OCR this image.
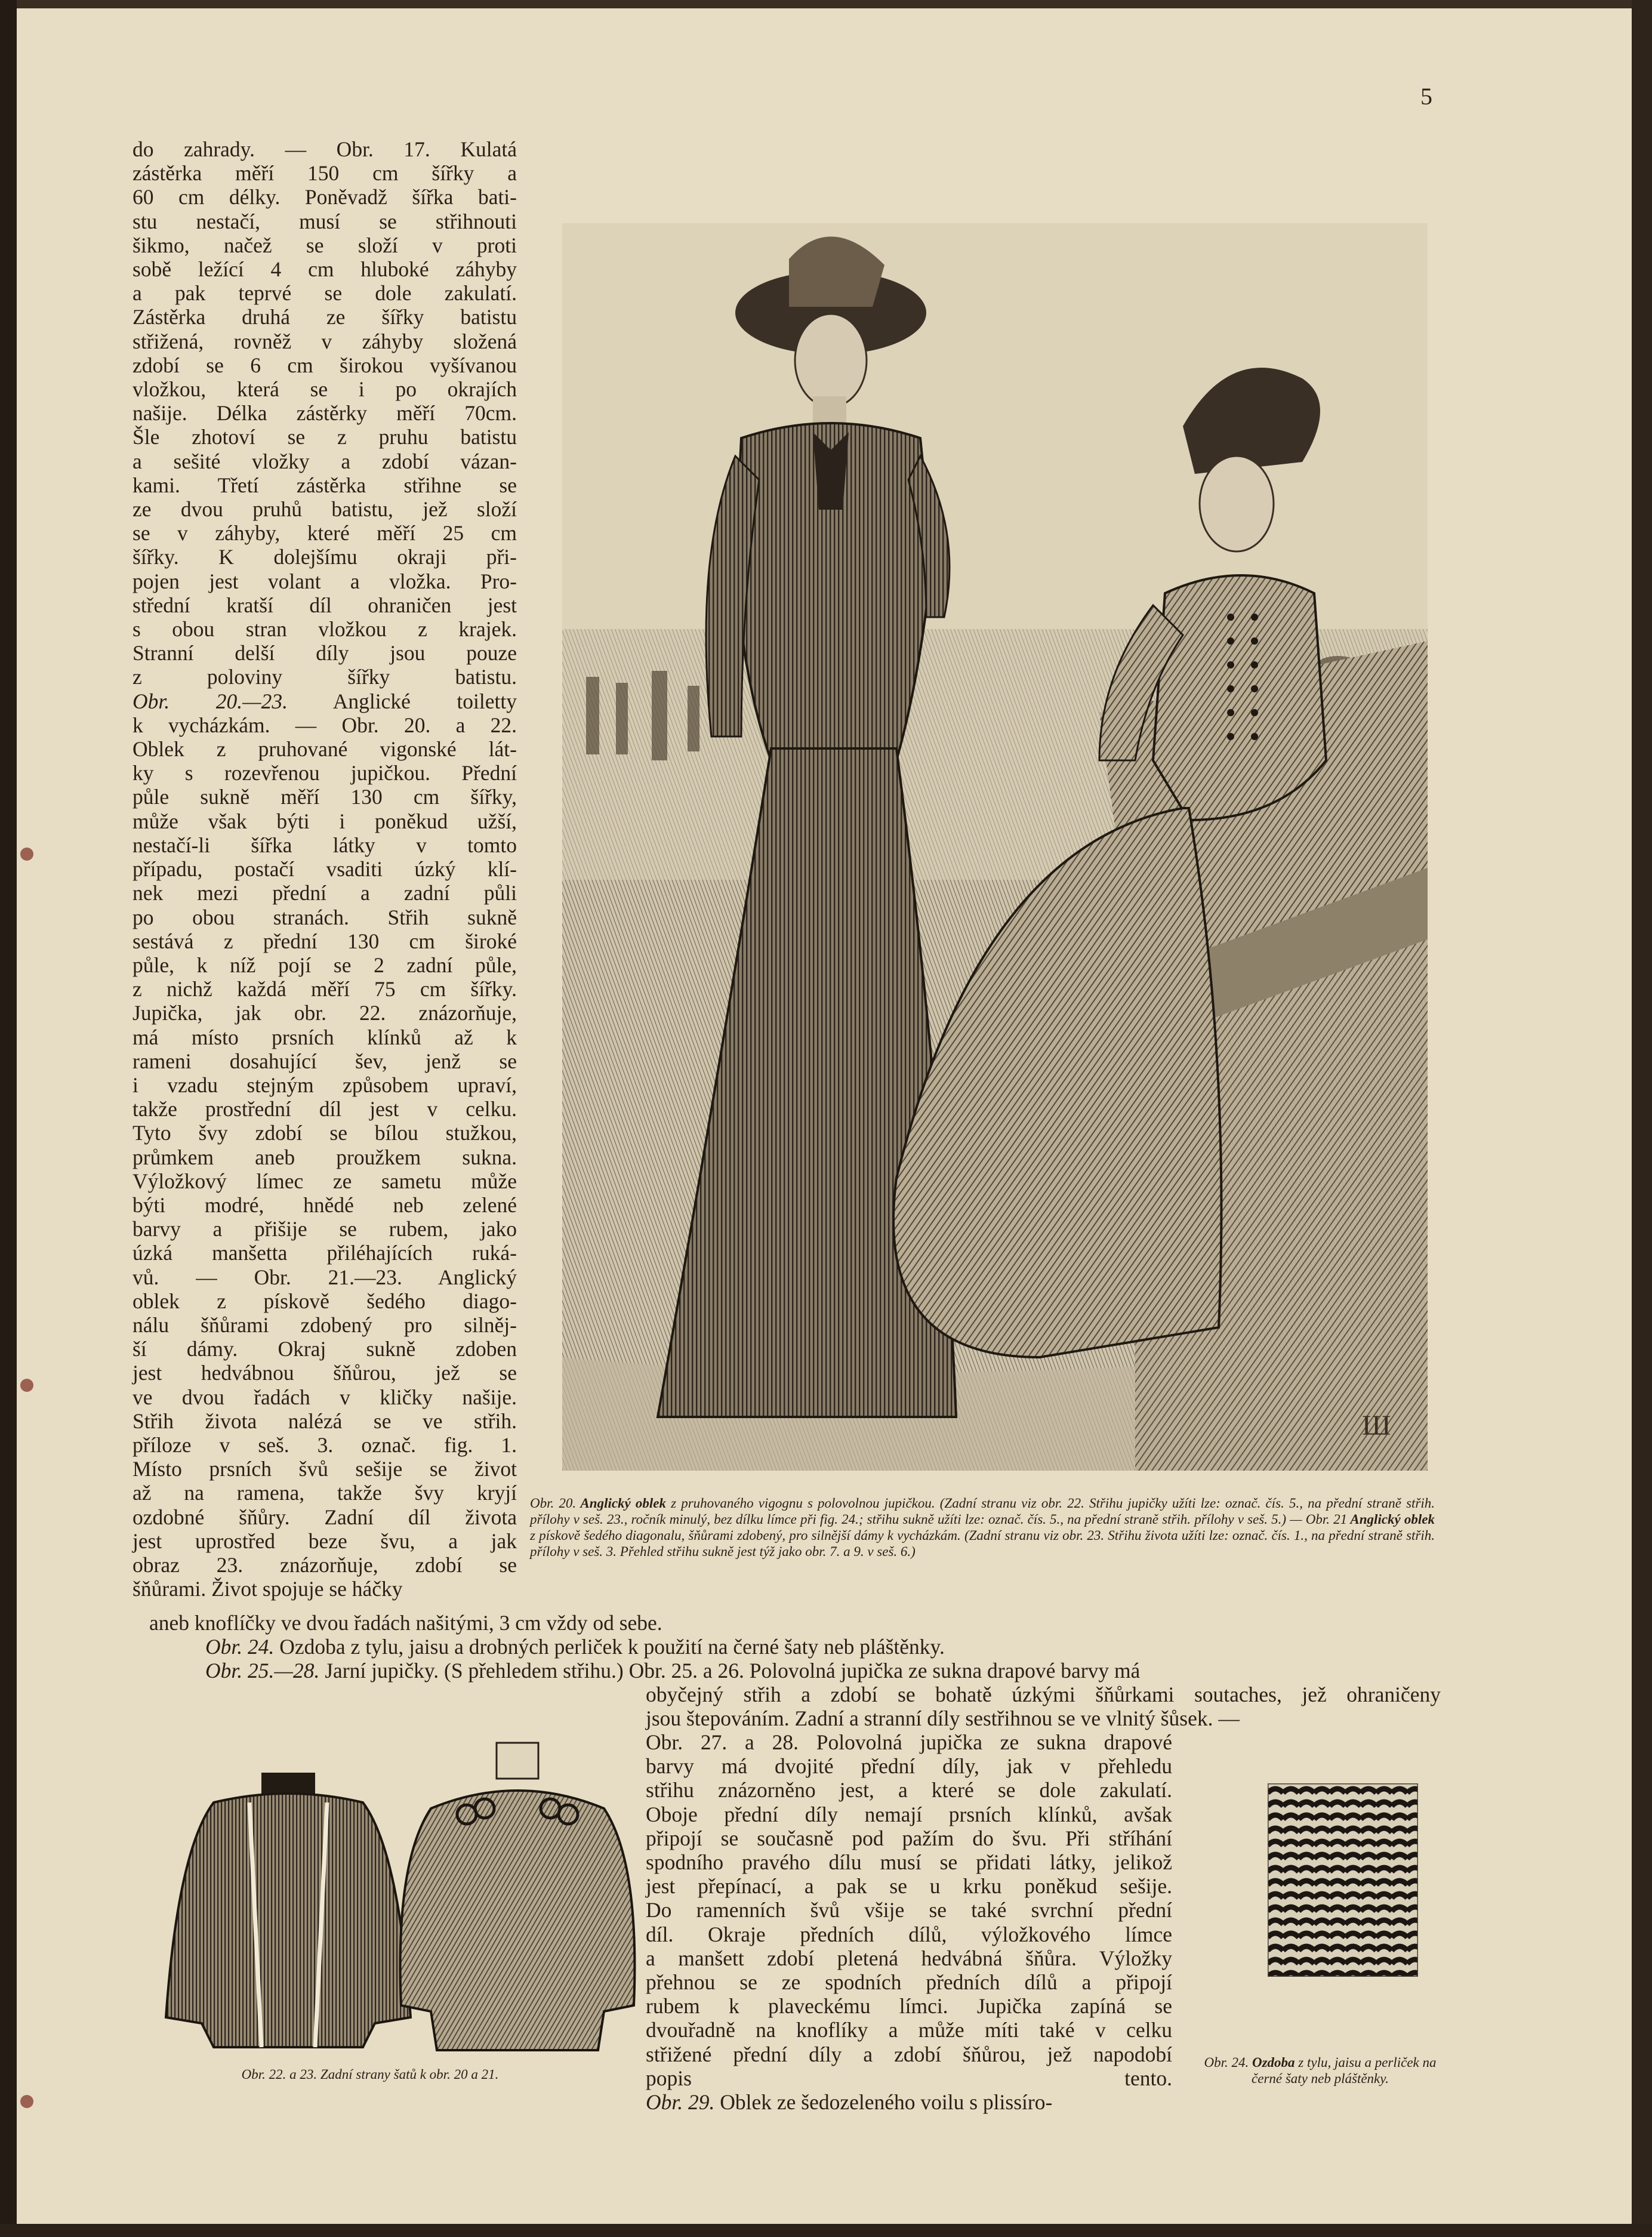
5
do zahrady. — Obr. 17. Kulatá
zástěrka měří 150 cm šířky a
60 cm délky. Poněvadž šířka bati-
stu nestačí, musí se střihnouti
šikmo, načež se složí v proti
sobě ležící 4 cm hluboké záhyby
a pak teprvé se dole zakulatí.
Zástěrka druhá ze šířky batistu
střižená, rovněž v záhyby složená
zdobí se 6 cm širokou vyšívanou
vložkou, která se i po okrajích
našije. Délka zástěrky měří 70cm.
Šle zhotoví se z pruhu batistu
a sešité vložky a zdobí vázan-
kami. Třetí zástěrka střihne se
ze dvou pruhů batistu, jež složí
se v záhyby, které měří 25 cm
šířky. K dolejšímu okraji při-
pojen jest volant a vložka. Pro-
střední kratší díl ohraničen jest
s obou stran vložkou z krajek.
Stranní delší díly jsou pouze
z poloviny šířky batistu.
Obr. 20.—23. Anglické toiletty
k vycházkám. — Obr. 20. a 22.
Oblek z pruhované vigonské lát-
ky s rozevřenou jupičkou. Přední
půle sukně měří 130 cm šířky,
může však býti i poněkud užší,
nestačí-li šířka látky v tomto
případu, postačí vsaditi úzký klí-
nek mezi přední a zadní půli
po obou stranách. Střih sukně
sestává z přední 130 cm široké
půle, k níž pojí se 2 zadní půle,
z nichž každá měří 75 cm šířky.
Jupička, jak obr. 22. znázorňuje,
má místo prsních klínků až k
rameni dosahující šev, jenž se
i vzadu stejným způsobem upraví,
takže prostřední díl jest v celku.
Tyto švy zdobí se bílou stužkou,
průmkem aneb proužkem sukna.
Výložkový límec ze sametu může
býti modré, hnědé neb zelené
barvy a přišije se rubem, jako
úzká manšetta přiléhajících ruká-
vů. — Obr. 21.—23. Anglický
oblek z pískově šedého diago-
nálu šňůrami zdobený pro silněj-
ší dámy. Okraj sukně zdoben
jest hedvábnou šňůrou, jež se
ve dvou řadách v kličky našije.
Střih života nalézá se ve střih.
příloze v seš. 3. označ. fig. 1.
Místo prsních švů sešije se život
až na ramena, takže švy kryjí
ozdobné šňůry. Zadní díl života
jest uprostřed beze švu, a jak
obraz 23. znázorňuje, zdobí se
šňůrami. Život spojuje se háčky
aneb knoflíčky ve dvou řadách našitými, 3 cm vždy od sebe.
Obr. 24. Ozdoba z tylu, jaisu a drobných perliček k použití na černé šaty neb pláštěnky.
Obr. 25.—28. Jarní jupičky. (S přehledem střihu.) Obr. 25. a 26. Polovolná jupička ze sukna drapové barvy má
obyčejný střih a zdobí se bohatě úzkými šňůrkami soutaches, jež ohraničeny
jsou štepováním. Zadní a stranní díly sestřihnou se ve vlnitý šůsek. —
Obr. 27. a 28. Polovolná jupička ze sukna drapové
barvy má dvojité přední díly, jak v přehledu
střihu znázorněno jest, a které se dole zakulatí.
Oboje přední díly nemají prsních klínků, avšak
připojí se současně pod pažím do švu. Při stříhání
spodního pravého dílu musí se přidati látky, jelikož
jest přepínací, a pak se u krku poněkud sešije.
Do ramenních švů všije se také svrchní přední
díl. Okraje předních dílů, výložkového límce
a manšett zdobí pletená hedvábná šňůra. Výložky
přehnou se ze spodních předních dílů a připojí
rubem k plaveckému límci. Jupička zapíná se
dvouřadně na knoflíky a může míti také v celku
střižené přední díly a zdobí šňůrou, jež napodobí
popis tento.
Obr. 29. Oblek ze šedozeleného voilu s plissíro-
Ш
Obr. 20. Anglický oblek z pruhovaného vigognu s polovolnou jupičkou. (Zadní stranu viz obr. 22. Střihu jupičky užíti lze: označ. čís. 5., na přední straně střih. přílohy v seš. 23., ročník minulý, bez dílku límce při fig. 24.; střihu sukně užíti lze: označ. čís. 5., na přední straně střih. přílohy v seš. 5.) — Obr. 21 Anglický oblek z pískově šedého diagonalu, šňůrami zdobený, pro silnější dámy k vycházkám. (Zadní stranu viz obr. 23. Střihu života užíti lze: označ. čís. 1., na přední straně střih. přílohy v seš. 3. Přehled střihu sukně jest týž jako obr. 7. a 9. v seš. 6.)
Obr. 22. a 23. Zadní strany šatů k obr. 20 a 21.
Obr. 24. Ozdoba z tylu, jaisu a perliček na černé šaty neb pláštěnky.
